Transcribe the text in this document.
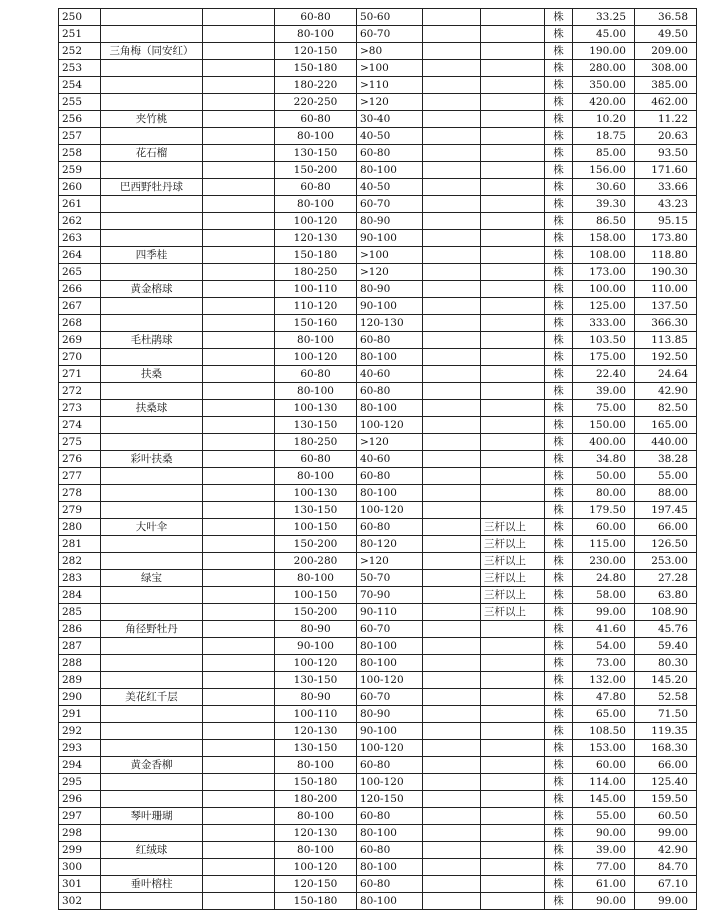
250			60-80	50-60			株	33.25	36.58
251			80-100	60-70			株	45.00	49.50
252	三角梅（同安红）		120-150	>80			株	190.00	209.00
253			150-180	>100			株	280.00	308.00
254			180-220	>110			株	350.00	385.00
255			220-250	>120			株	420.00	462.00
256	夹竹桃		60-80	30-40			株	10.20	11.22
257			80-100	40-50			株	18.75	20.63
258	花石榴		130-150	60-80			株	85.00	93.50
259			150-200	80-100			株	156.00	171.60
260	巴西野牡丹球		60-80	40-50			株	30.60	33.66
261			80-100	60-70			株	39.30	43.23
262			100-120	80-90			株	86.50	95.15
263			120-130	90-100			株	158.00	173.80
264	四季桂		150-180	>100			株	108.00	118.80
265			180-250	>120			株	173.00	190.30
266	黄金榕球		100-110	80-90			株	100.00	110.00
267			110-120	90-100			株	125.00	137.50
268			150-160	120-130			株	333.00	366.30
269	毛杜鹃球		80-100	60-80			株	103.50	113.85
270			100-120	80-100			株	175.00	192.50
271	扶桑		60-80	40-60			株	22.40	24.64
272			80-100	60-80			株	39.00	42.90
273	扶桑球		100-130	80-100			株	75.00	82.50
274			130-150	100-120			株	150.00	165.00
275			180-250	>120			株	400.00	440.00
276	彩叶扶桑		60-80	40-60			株	34.80	38.28
277			80-100	60-80			株	50.00	55.00
278			100-130	80-100			株	80.00	88.00
279			130-150	100-120			株	179.50	197.45
280	大叶伞		100-150	60-80		三杆以上	株	60.00	66.00
281			150-200	80-120		三杆以上	株	115.00	126.50
282			200-280	>120		三杆以上	株	230.00	253.00
283	绿宝		80-100	50-70		三杆以上	株	24.80	27.28
284			100-150	70-90		三杆以上	株	58.00	63.80
285			150-200	90-110		三杆以上	株	99.00	108.90
286	角径野牡丹		80-90	60-70			株	41.60	45.76
287			90-100	80-100			株	54.00	59.40
288			100-120	80-100			株	73.00	80.30
289			130-150	100-120			株	132.00	145.20
290	美花红千层		80-90	60-70			株	47.80	52.58
291			100-110	80-90			株	65.00	71.50
292			120-130	90-100			株	108.50	119.35
293			130-150	100-120			株	153.00	168.30
294	黄金香柳		80-100	60-80			株	60.00	66.00
295			150-180	100-120			株	114.00	125.40
296			180-200	120-150			株	145.00	159.50
297	琴叶珊瑚		80-100	60-80			株	55.00	60.50
298			120-130	80-100			株	90.00	99.00
299	红绒球		80-100	60-80			株	39.00	42.90
300			100-120	80-100			株	77.00	84.70
301	垂叶榕柱		120-150	60-80			株	61.00	67.10
302			150-180	80-100			株	90.00	99.00
